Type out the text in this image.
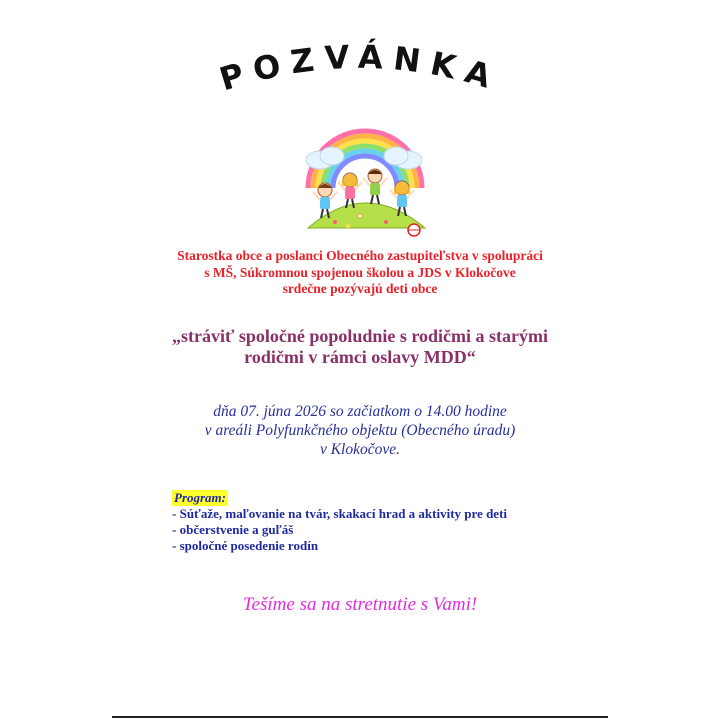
POZVÁNKA
Starostka obce a poslanci Obecného zastupiteľstva v spolupráci
s MŠ, Súkromnou spojenou školou a JDS v Klokočove
srdečne pozývajú deti obce
„stráviť spoločné popoludnie s rodičmi a starými
rodičmi v rámci oslavy MDD“
dňa 07. júna 2026 so začiatkom o 14.00 hodine
v areáli Polyfunkčného objektu (Obecného úradu)
v Klokočove.
Program:
- Súťaže, maľovanie na tvár, skakací hrad a aktivity pre deti
- občerstvenie a guľáš
- spoločné posedenie rodín
Tešíme sa na stretnutie s Vami!
